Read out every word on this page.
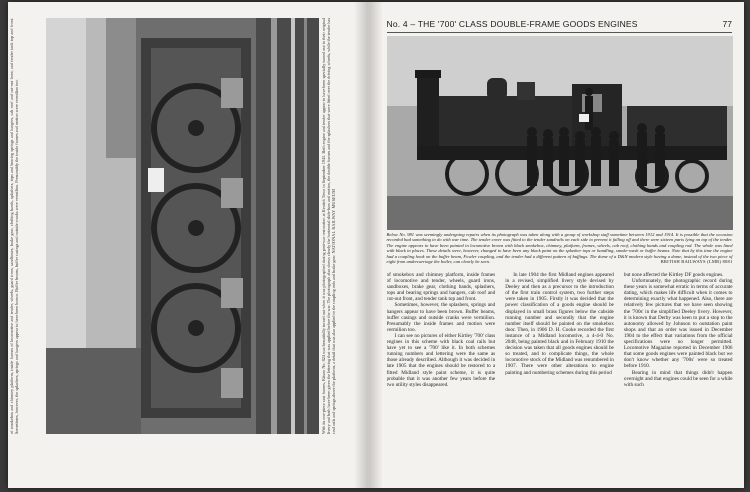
of smokebox and chimney platform, inside frames of locomotive and tender, wheels, guard irons, sandboxes, brake gear, clothing bands, splashers, tops and bearing springs and hangers, cab roof and cut-out front, and tender tank top and front. Sometimes, however, the splashers, springs and hangers appear to have been brown. Buffer beams, buffer casings and outside cranks were vermilion. Presumably the inside frames and motion were vermilion too.	With its one-piece cast frames, Kitson No. 824 was beautifully turned out when it was photographed during post-war restoration at Kentish Town in September 1945. Both engine and tender appear to have been specially turned out in their original livery and both have been given the lettering that was applied before the war. The photograph also shows clearly the horizontal slide-bars and motion, the double frames and the splashers that were fitted over the driving wheels, while the tender has coal rails and springs above the platform, a detail that was also applied to the coupling rods and brake gear. NATIONAL RAILWAY MUSEUM
No. 4 – THE '700' CLASS DOUBLE-FRAME GOODS ENGINES	77
Below No. 981 was seemingly undergoing repairs when its photograph was taken along with a group of workshop staff sometime between 1912 and 1914. It is possible that the occasion recorded had something to do with war time. The tender cover was fitted to the tender sandrails on each side to prevent it falling off and there were sixteen parts lying on top of the tender. The engine appears to have been painted in locomotive brown with black smokebox, chimney, platform, frames, wheels, cab roof, clothing bands and coupling rod. The whole was lined with black in places. These details were, however, changed to have been any black paint on the splasher tops or handling, smoke-wash or buffer beams. Note that by this time the engine had a coupling hook on the buffer beam, Fowler coupling, and the tender had a different pattern of buffings. The dome of a D&N modern style having a dome, instead of the two piece of eight from undercarriage the boiler, can clearly be seen.	BRITISH RAILWAYS (LMR) 8081

of smokebox and chimney platform, inside frames of locomotive and tender, wheels, guard irons, sandboxes, brake gear, clothing bands, splashers, tops and bearing springs and hangers, cab roof and cut-out front, and tender tank top and front.

Sometimes, however, the splashers, springs and hangers appear to have been brown. Buffer beams, buffer casings and outside cranks were vermilion. Presumably the inside frames and motion were vermilion too.

I can see no pictures of either Kirtley '700' class engines in this scheme with black coal rails but have yet to see a '700' like it. In both schemes running numbers and lettering were the same as those already described. Although it was decided in late 1905 that the engines should be restored to a fitted Midland style paint scheme, it is quite probable that it was another few years before the two utility styles disappeared.

In late 1904 the first Midland engines appeared in a revised, simplified livery style devised by Deeley and then as a precursor to the introduction of the first train control system, two further steps were taken in 1905. Firstly it was decided that the power classification of a goods engine should be displayed in small brass figures below the cabside running number and secondly that the engine number itself should be painted on the smokebox door. Then, in 1906 D. H. Cooke recorded the first instance of a Midland locomotive, a 4-4-0 No. 2048, being painted black and in February 1910 the decision was taken that all goods engines should be so treated, and to complicate things, the whole locomotive stock of the Midland was renumbered in 1907. There were other alterations to engine painting and numbering schemes during this period

but none affected the Kirtley DF goods engines.

Unfortunately, the photographic record during these years is somewhat erratic in terms of accurate dating, which makes life difficult when it comes to determining exactly what happened. Also, there are relatively few pictures that we have seen showing the '700s' in the simplified Deeley livery. However, it is known that Derby was keen to put a stop to the autonomy allowed by Johnson to outstation paint shops and that an order was issued in December 1904 to the effect that variations from the official specifications were no longer permitted. Locomotive Magazine reported in December 1906 that some goods engines were painted black but we don't know whether any '700s' were so treated before 1910.

Bearing in mind that things didn't happen overnight and that engines could be seen for a while with such
